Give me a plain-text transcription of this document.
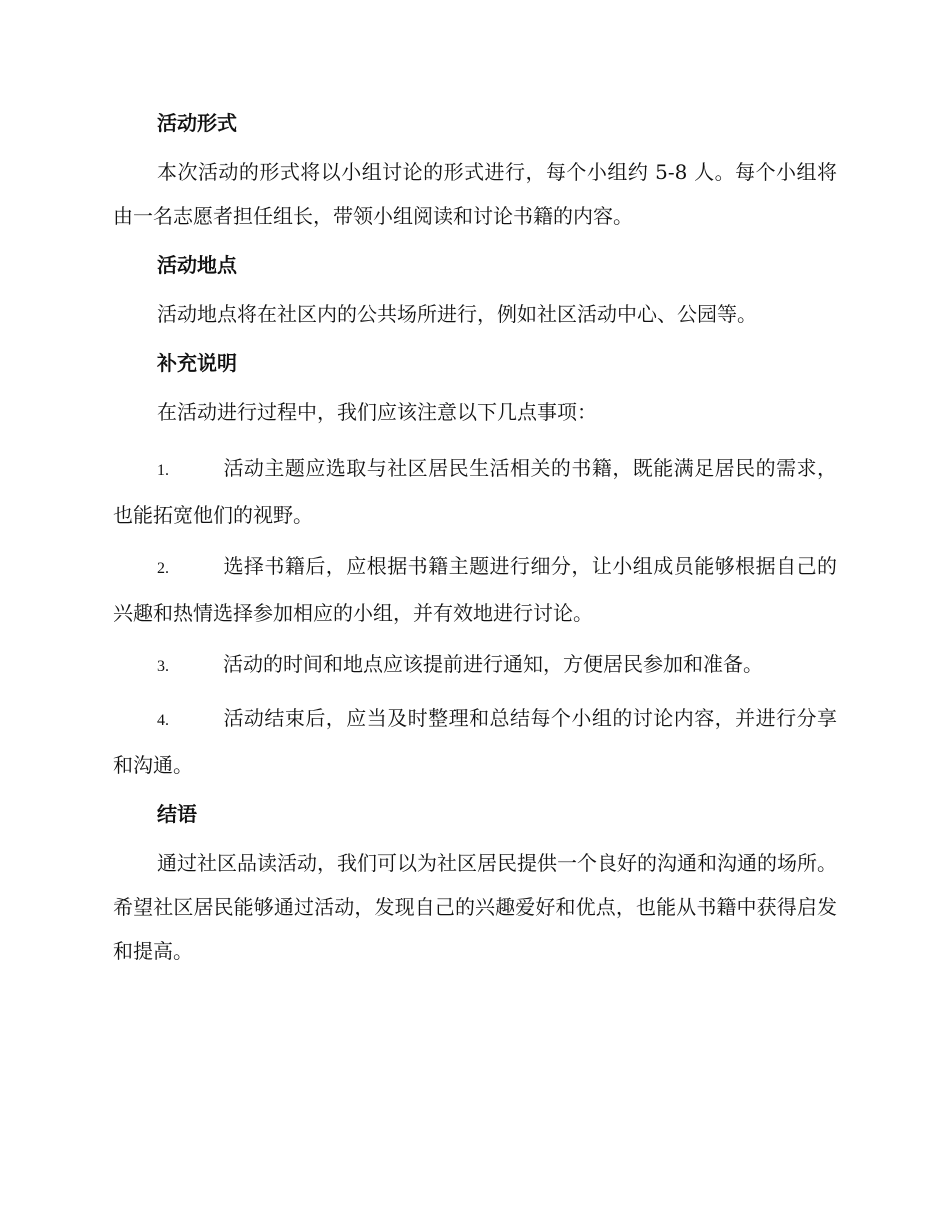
活动形式

本次活动的形式将以小组讨论的形式进行，每个小组约 5-8 人。每个小组将由一名志愿者担任组长，带领小组阅读和讨论书籍的内容。

活动地点

活动地点将在社区内的公共场所进行，例如社区活动中心、公园等。

补充说明

在活动进行过程中，我们应该注意以下几点事项：

1.	活动主题应选取与社区居民生活相关的书籍，既能满足居民的需求，也能拓宽他们的视野。

2.	选择书籍后，应根据书籍主题进行细分，让小组成员能够根据自己的兴趣和热情选择参加相应的小组，并有效地进行讨论。

3.	活动的时间和地点应该提前进行通知，方便居民参加和准备。

4.	活动结束后，应当及时整理和总结每个小组的讨论内容，并进行分享和沟通。

结语

通过社区品读活动，我们可以为社区居民提供一个良好的沟通和沟通的场所。希望社区居民能够通过活动，发现自己的兴趣爱好和优点，也能从书籍中获得启发和提高。
